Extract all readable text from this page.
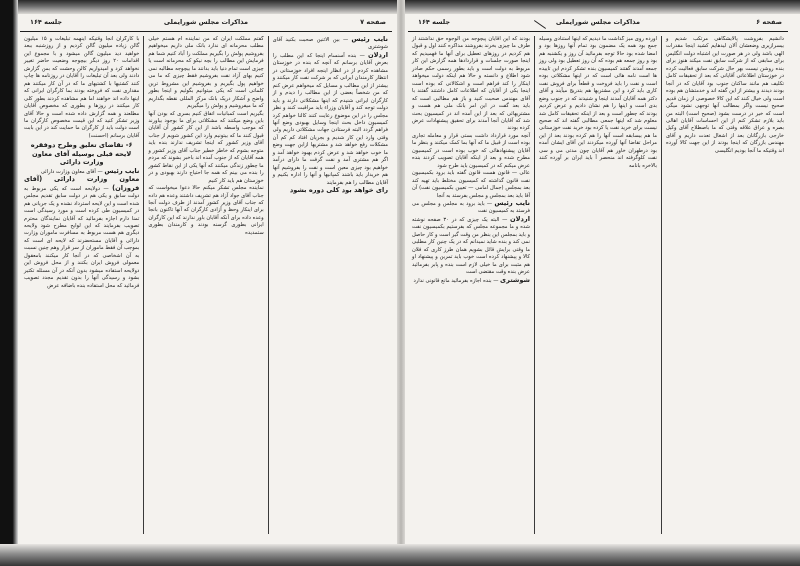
صفحه ۷
مذاکرات مجلس شورایملی
جلسه ۱۶۴

نایب رئیس — بین الاثنین صحبت بکنید آقای شوشتری

اردلان — بنده آسنسام اینجا که این مطلب را بعرض آقایان برسانم که آنچه که بنده در خوزستان مشاهده کردم از در انظار اینجه افراد خوزستانی در انتظار کارمندان ایرانی که بر شرکت نفت کار میکنند و بیشتر از این مطالب و مسایل که میخواهم عرض کنم که من شخصاً بعضی از این مطالب را دیدم و از کارگران ایرانی شنیدم که اینها مشکلاتی دارند و باید دولت توجه کند و آقایان وزراء باید مراقبت کنند و نظر مجلس را در این موضوع رعایت کنند کالنا خواهم کرد کمیسیون داخل بحث اینجا وسایل بهبودی وضع آنها فراهم گردد البته فرستادن جهات مشکلاتی داریم ولی وقتی وارد این کار شدیم و بجریان افتاد کم کم آن مشکلات رفع خواهد شد و مشتریها ازاین جهت وضع ما خوب خواهد شد و عرض کردم بهبود خواهد آمد و اگر هم مشتری آمد و نفت گرفت ما دارای درآمد خواهیم بود چیزی معین است و نفت را بفروشیم آنها هم خریدار باید باشند کمپانیها و آنها را اداره بکنیم و آقایان مطالب را هم بفرمایند

رای خواهد بود کلی دوره بشود

گفتم مملکت ایران که من نماینده ام هستم خیلی مطلب محرمانه ای ندارد بانک ملی داریم میخواهیم بفروشیم پولش را بگیریم مملکت را آباد کنیم شما هم فرمایش این مطالب را بچه نیکو که محرمانه است یا چیزی است تمام دنیا باید بدانند ما بیچوجه مطالبه نمی کنیم بهای آزاد نفت بفروشیم فقط چیزی که ما می خواهیم پول بگیریم و بفروشیم این مشروط ترین کلماتی است که یکی میتوانیم بگوئیم و اینجا بطور واضح و آشکار دریک بانک مرکز المللی نقطه بگذاریم که ما میفروشیم و پولش را میگیریم

بگیریم است کمبانیات اتفاق کنیم بسری که بودن آنها باین وضع میکنند که مشکلاتی برای ما بوجود بیاورند که موجب واسطه باشد از این کار کشور آن آقایان قبول کنند ما که بیتونیم وارد این کشور شویم از جناب آقای وزیر کشور که اینجا تشریف ندارند بنده باید متوجه بشوم که خاطر خطیر جناب آقای وزیر کشور و همه آقایان که از جنوب آمده اند باخبر بشوند که مردم ما چطور زندگی میکنند که آنها یکی از این نقاط کشور را بنده می بینم که همه جا احتیاج دارند بهبودی و در خوزستان هم باید کار کنیم

نماینده مجلس تشکر میکنم حالا دعوا میخواست که جناب آقای جواد آزاد هم تشریف داشتند وعده هم داده که جناب آقای وزیر کشور آمدند از طرف دولت آنجا برای اینکار وحظ و آزادی کارگران که آنها تاکنون بانجا وعده داده برای آنکه آقایان باور ندارند که این کارگران ایرانی بطوری گرسنه بودند و کارمندان بطوری ستمدیده

با کارگران آنجا وقتیکه اینهمه تبلیغات و ۱۵ میلیون گالن زیاده میلیون گالن کردیم و از روزشنبه ببعد خواهید دید میلیون گالن میشود و با مجموع این اقدامات ۲۰ روز دیگر بیچوجه وضعیت حاضر تغییر نخواهد کرد و امیدواریم کالن وحشت که بمن گزارش دادند ولی بعد آن تبلیغات را آقایان در روزنامه ها چاپ کنند کشتیها با کشتیهای ما که در آن کار میکنند هم مقداری نفت که فروخته بودند بما کارگران ایرانی که اینها داده اند خواهند اما هم مشاهده کردند بطور کلی کار میکنند در روزها و بطوری که مخصوص آقایان مطلعند و همه گزارش داده شده است و حالا آقای وزیر تشکر کنید که این قیمت مخصوص کارگران ما است دولت باید از کارگران ما حمایت کند در این بابت آقایان برسانم (احسنت)

۶- تقاضای تعلیق وطرح دوفقره لایحه قبلی بوسیله آقای معاون وزارت دارائی

نایب رئیس — آقای معاون وزارت دارائی

معاون وزارت دارائی (آقای فروزان) — دولایحه است که یکی مربوط به دولت سابق و یکی هم در دولت سابق تقدیم مجلس شده است و این لایحه استرداد نشده و یک جریانی هم در کمیسیون طی کرده است و مورد رسیدگی است تمنا دارم اجازه بفرمائید که آقایان نمایندگان محترم تصویب بفرمایند که این لوایح مطرح شود ولایحه دیگری هم هست مربوط به مسافرت ماموران وزارت دارائی و آقایان مستحضرند که لایحه ای است که بموجب آن فقط ماموران از سر قرار وهم چنین نسبت به آن اشخاصی که در آنجا کار میکنند بامعقول معمولی فروش ایران بکنند و از محل فروش این دولایحه استفاده میشود بدون آنکه در آن مسئله تکثیر بشود و رسیدگی آنها را بدون تقدیم مجدد تصویب فرمائید که محل استفاده بنده باضافه عرض

صفحه ۶
مذاکرات مجلس شورایملی
جلسه ۱۶۴

دانشیم بفروشت پالایشگاهی مرتکب شدیم و بیسرازیری وضعشان آلان لیدهایم کشید اینجا مقدرات الهی باشد ولی در هر صورت این اشتباه دولت انگلیس برای سابقی که از شرکت سابق نفت میکند هنوز برای بنده روشن نیست بهر حال شرکت سابق فعالیت کرده در خوزستان اطلاعاتی آقایانی که بعد از تحقیقات کامل تکلیف هم مانند ساکنان جنوب بود آقایان که در آنجا بودند دیدند و بیشتر از این گفته اند و خدمتشان هم بوده است ولی خیال کنند که این کالا خصوصی از زمان قدیم صحیح نیست واگر بمطالب آنها توجهی نشود میگی است که خیر در درست بشود (صحیح است) البته من باید بلازم تشکر کنم از این احساسات آقایان اهالی بصره و عراق علاقه وقتی که ما باصطلاح آقای وکیل خارجی بازرگانان بعد از اشغال تعدت داریم و آقای مهندس بازرگان که اینجا بودند از این جهت کالا آورده اند وقتیکه ما آنجا بودیم انگلیسی

آورده روی میز گذاشت ما دیدیم که اینها استنادی وسیله جمع بود همه یک مضمون بود تمام آنها روزها بود و امضا شده بود حالا توجه بفرمائید آن روز و یکشنبه هم بود و روز جمعه هم بوده که آن روز تعطیل بود ولی روز جمعه آمدند گفتند کمیسیون بنده تشکر کردم این تاییده ها است نامه هائی است که در اینها مشکلاتی بوده است و نفت را باید فروخت و قطعاً برای فروش نفت کاری باید کرد و این مشتریها هم بتدریج میآیند و آقای دکتر همه آقایان آمدند اینجا و شنیدند که در جنوب وضع بدی است و اینها را هم نشان دادیم و عرض کردیم بودند که چطور است و بعد از اینکه تحقیقات کامل شد معلوم شد که اینها جمعی مطالبی گفته اند که صحیح نیست برای خرید نفت یا کرده بود خرید نفت خوزستانی ما هم بیسابقه است آنها را هم کرده بودند بعد از این مراحل تقاضا آنها آورده میکردند این آقای ایشان آمده بود درطهران خاور هم آقایان چون مدتی می و سی نفت کلوگرفته اند منحصر آ باید ایران بر آورده کنند بالاخره بانامه

بودند که این آقایان پیچوجه من الوجوه حق نداشتند از طرف ما چیزی بخرند بفروشند مذاکره کنند اول و قبول هم کردیم در روزهای تعطیل برای آنها ما فهمیدیم که اینجا صورت جلسات و قراردادها همه گزارش این کار مربوط به دولت است و باید بطور رسمی حکم صادر شود اطلاع و دانسته و حالا هم اینکه دولت میخواهد اینکار را کند فراهم است و اشکالاتی که بوده است اینجا یکی از آقایان که اطلاعات کامل داشتند گفتند با آقای مهندس صحبت کنید و باز هم مطالبی است که باید بعد گفت در این امر بانک ملی هم هست و مشتریهائی که بعد از این آمده اند در کمیسیون بحث شد که آقایان آنجا آمدند برای تحقیق پیشنهادات عرض کرده بودند

آنچه مورد قرارداد داشت بستی قرار و معامله تجاری بوده است از قبیل ما که آنها بما کمک میکنند و بنظر ما آقایان پیشنهادهائی که خوب بوده است در کمیسیون مطرح شده و بعد از اینکه آقایان تصویب کردند بنده عرض میکنم که در کمیسیون باید طرح شود

عالی — قانون هست قانون گفته باید برود بکمیسیون نفت قانون گذاشته که کمیسیون مختلط باید تهیه کند بعد بمجلس (جمال امامی — تعیین بکمیسیون نفت) آن آقا باید بعد بمجلس و مجلس بفرستد به آنجا

نایب رئیس — باید برود به مجلس و مجلس می فرستد به کمیسیون نفت

اردلان — البته یک چیزی که در ۳۰ صفحه نوشته شده و ما مجموعه مجلس که بفرستیم بکمیسیون نفت و باید بمجلس این بنظر من وقت گیر است و کار حاصل نمی کند و بنده شاید نمیدانم که در یک چنین کار مطلبی ما وقتی برایش قائل بشویم همان طرز کاری که فلان کالا و پیشنهاد کرده است خوب باید تمرین و پیشنهاد او هم مثبت برای ما خیلی لازم است بنده و پابر بفرمائید عرض بنده وقت مقتضی است

شوشتری — بنده اجازه بفرمائید مانع قانونی ندارد
